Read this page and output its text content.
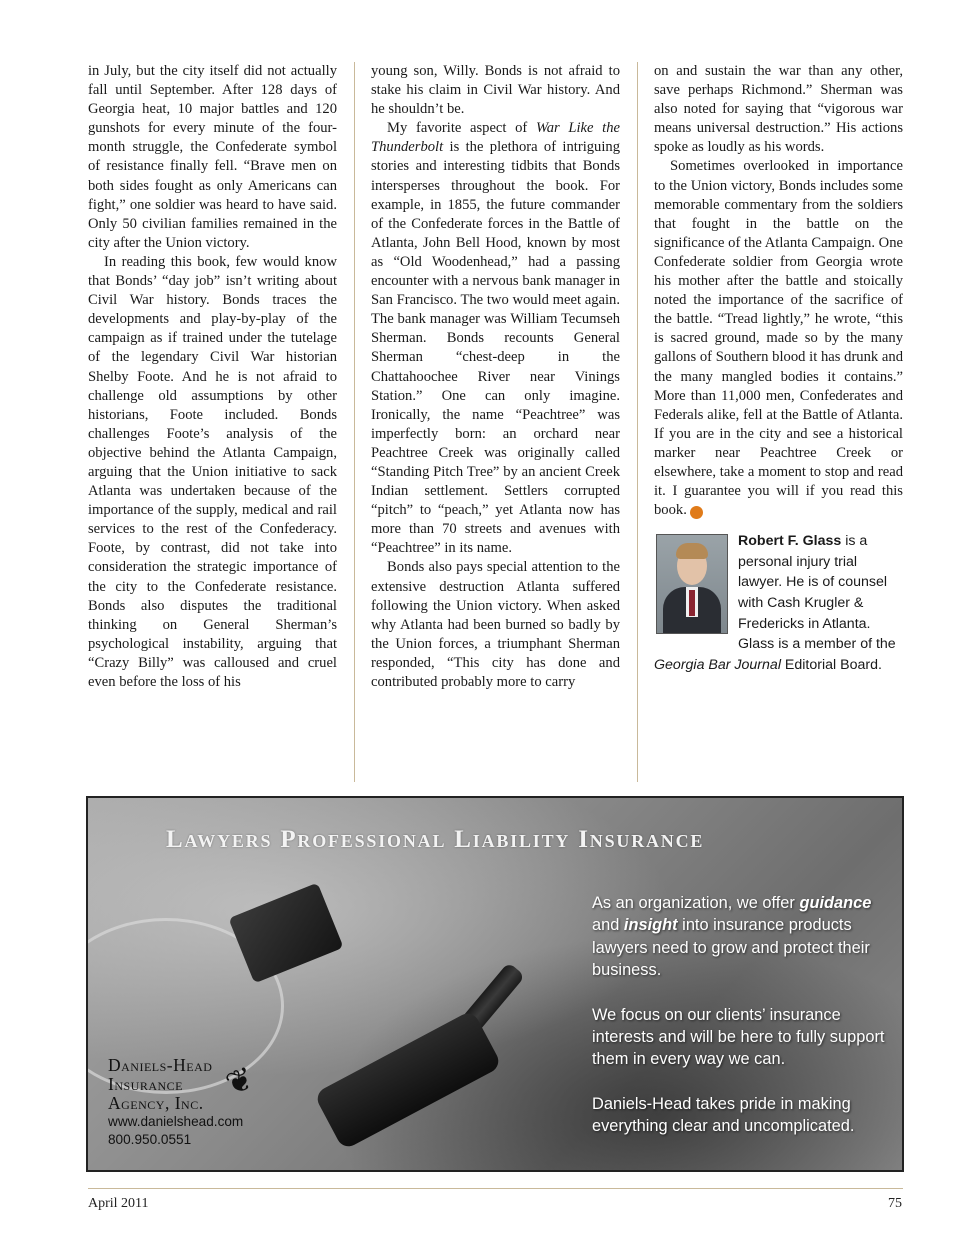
in July, but the city itself did not actually fall until September. After 128 days of Georgia heat, 10 major battles and 120 gunshots for every minute of the four-month struggle, the Confederate symbol of resistance finally fell. “Brave men on both sides fought as only Americans can fight,” one soldier was heard to have said. Only 50 civilian families remained in the city after the Union victory.

In reading this book, few would know that Bonds’ “day job” isn’t writing about Civil War history. Bonds traces the developments and play-by-play of the campaign as if trained under the tutelage of the legendary Civil War historian Shelby Foote. And he is not afraid to challenge old assumptions by other historians, Foote included. Bonds challenges Foote’s analysis of the objective behind the Atlanta Campaign, arguing that the Union initiative to sack Atlanta was undertaken because of the importance of the supply, medical and rail services to the rest of the Confederacy. Foote, by contrast, did not take into consideration the strategic importance of the city to the Confederate resistance. Bonds also disputes the traditional thinking on General Sherman’s psychological instability, arguing that “Crazy Billy” was calloused and cruel even before the loss of his

young son, Willy. Bonds is not afraid to stake his claim in Civil War history. And he shouldn’t be.

My favorite aspect of War Like the Thunderbolt is the plethora of intriguing stories and interesting tidbits that Bonds intersperses throughout the book. For example, in 1855, the future commander of the Confederate forces in the Battle of Atlanta, John Bell Hood, known by most as “Old Woodenhead,” had a passing encounter with a nervous bank manager in San Francisco. The two would meet again. The bank manager was William Tecumseh Sherman. Bonds recounts General Sherman “chest-deep in the Chattahoochee River near Vinings Station.” One can only imagine. Ironically, the name “Peachtree” was imperfectly born: an orchard near Peachtree Creek was originally called “Standing Pitch Tree” by an ancient Creek Indian settlement. Settlers corrupted “pitch” to “peach,” yet Atlanta now has more than 70 streets and avenues with “Peachtree” in its name.

Bonds also pays special attention to the extensive destruction Atlanta suffered following the Union victory. When asked why Atlanta had been burned so badly by the Union forces, a triumphant Sherman responded, “This city has done and contributed probably more to carry

on and sustain the war than any other, save perhaps Richmond.” Sherman was also noted for saying that “vigorous war means universal destruction.” His actions spoke as loudly as his words.

Sometimes overlooked in importance to the Union victory, Bonds includes some memorable commentary from the soldiers that fought in the battle on the significance of the Atlanta Campaign. One Confederate soldier from Georgia wrote his mother after the battle and stoically noted the importance of the sacrifice of the battle. “Tread lightly,” he wrote, “this is sacred ground, made so by the many gallons of Southern blood it has drunk and the many mangled bodies it contains.” More than 11,000 men, Confederates and Federals alike, fell at the Battle of Atlanta. If you are in the city and see a historical marker near Peachtree Creek or elsewhere, take a moment to stop and read it. I guarantee you will if you read this book.	GBJ

Robert F. Glass is a personal injury trial lawyer. He is of counsel with Cash Krugler & Fredericks in Atlanta. Glass is a member of the Georgia Bar Journal Editorial Board.
Lawyers Professional Liability Insurance

As an organization, we offer guidance and insight into insurance products lawyers need to grow and protect their business.

We focus on our clients’ insurance interests and will be here to fully support them in every way we can.

Daniels-Head takes pride in making everything clear and uncomplicated.

Daniels-Head
Insurance
Agency, Inc.
www.danielshead.com
800.950.0551
❦
April 2011	75
